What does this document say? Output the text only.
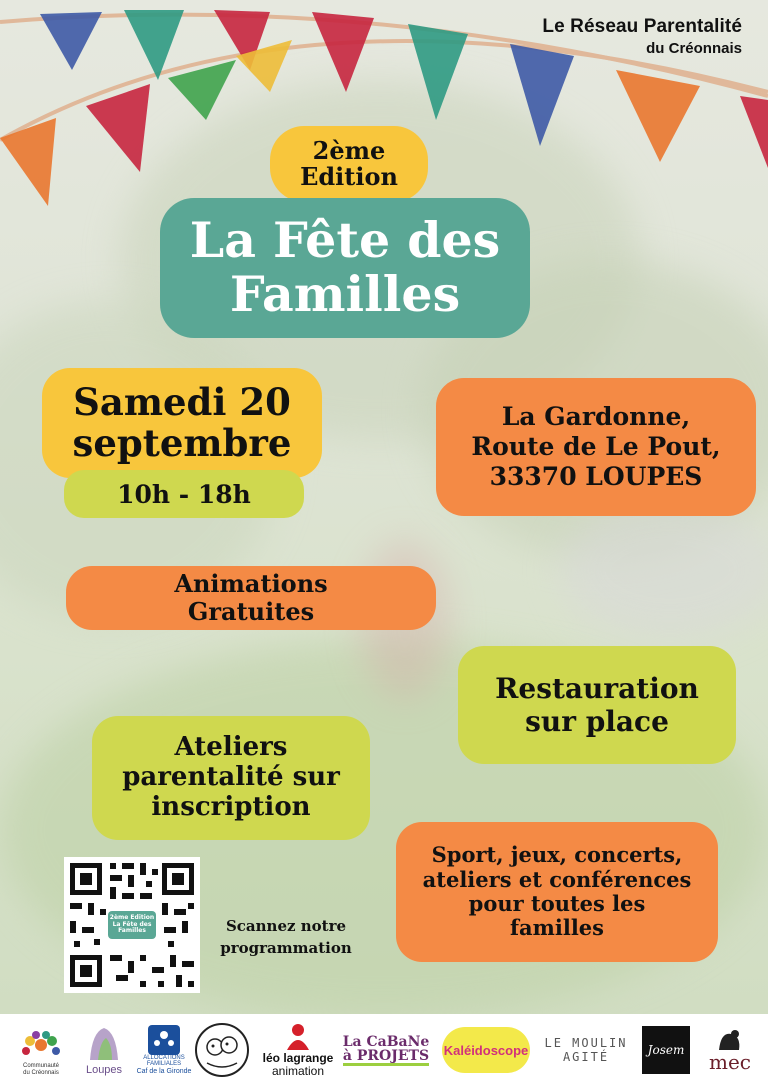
Le Réseau Parentalité
du Créonnais
2ème
Edition
La Fête des
Familles
Samedi 20
septembre
10h - 18h
La Gardonne,
Route de Le Pout,
33370 LOUPES
Animations
Gratuites
Restauration
sur place
Ateliers
parentalité sur
inscription
Sport, jeux, concerts,
ateliers et conférences
pour toutes les
familles
2ème Edition
La Fête des Familles	Scannez notre
programmation
Communauté
du Créonnais Loupes
ALLOCATIONS FAMILIALES
Caf de la Gironde
léo lagrange
animation
La CaBaNe
à PROJETS Kaléidoscope LE MOULIN
AGITÉ	Josem mec
